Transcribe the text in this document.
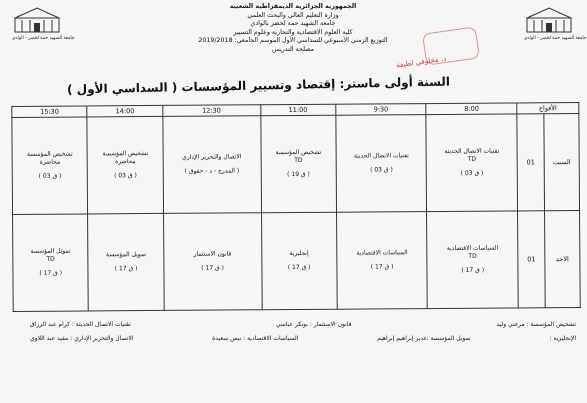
جامعة الشهيد حمة لخضر - الوادي	جامعة الشهيد حمة لخضر - الوادي
الجمهورية الجزائرية الديمقراطية الشعبية
وزارة التعليم العالي والبحث العلمي
جامعة الشهيد حمة لخضر بالوادي
كلية العلوم الاقتصادية والتجارية وعلوم التسيير
التوزيع الزمني الأسبوعي للسداسي الأول الموسم الجامعي: 2019/2018
مصلحة التدريس
د. مخلوفي لطيفة
السنة أولى ماستر: إقتصاد وتسيير المؤسسات ( السداسي الأول )
الأفواج		8:00	9:30	11:00	12:30	14:00	15:30
السبت	01	تقنيات الاتصال الحديثة
TD
( ق 03 )	تقنيات الاتصال الحديثة
( ق 03 )	تشخيص المؤسسة
TD
( ق 19 )	الاتصال والتحرير الإداري
( المدرج - د - حقوق )	تشخيص المؤسسة
محاضرة
( ق 03 )	تشخيص المؤسسة
محاضرة
( ق 03 )

الاحد	01	السياسات الاقتصادية
TD
( ق 17 )	السياسات الاقتصادية
( ق 17 )	إنجليزية
( ق 17 )	قانون الاستثمار
( ق 17 )	تمويل المؤسسة
( ق 17 )	تمويل المؤسسة
TD
( ق 17 )
تشخيص المؤسسة : مرغني وليد
قانون الاستثمار : بوبكر عباسي
تقنيات الاتصال الحديثة : كرام عبد الرزاق
الإنجليزية :
تمويل المؤسسة :غدير إبراهيم إبراهيم
السياسات الاقتصادية : نبس سعيدة
الاتصال والتحرير الإداري : مفيد عبد اللاوي
